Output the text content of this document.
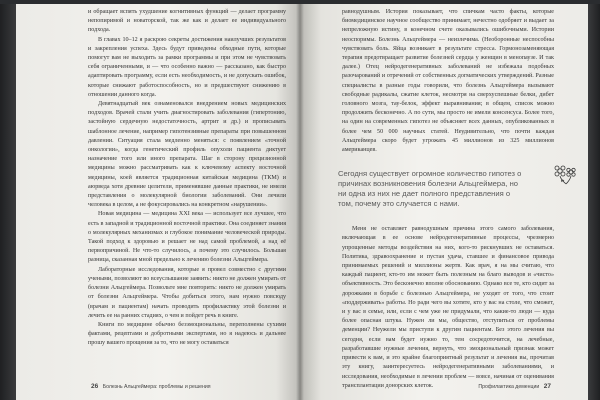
и обращает вспять ухудшение когнитивных функций — делает программу непопиримой и новаторской, так же как и делает ее индивидуального подхода.

В главах 10–12 я раскрою секреты достижения наилучших результатов и закрепления успеха. Здесь будут приведены обходные пути, которые помогут вам не выходить за рамки программы и при этом не чувствовать себя ограниченными, и — что особенно важно — рассказано, как быстро адаптировать программу, если есть необходимость, и не допускать ошибок, которые снижают работоспособность, но и предшествуют снижению в отношении данного когда.

Девятнадцатый век ознаменовался внедрением новых медицинских подходов. Врачей стали учить диагностировать заболевания (гипертонию, застойную сердечную недостаточность, артрит и др.) и прописывать шаблонное лечение, например гипотензивные препараты при повышенном давлении. Ситуация стала медленно меняться: с появлением «точной онкологии», когда генетический профиль опухоли пациента диктует назначение того или иного препарата. Шаг в сторону прецизионной медицины можно рассматривать как к ключевому аспекту восточной медицины, коей является традиционная китайская медицина (ТКМ) и аюрведа хотя древние целители, применявшие данные практики, не имели представления о молекулярной биологии заболеваний. Они лечили человека в целом, а не фокусировались на конкретном «нарушении».

Новая медицина — медицина XXI века — использует все лучшее, что есть в западной и традиционной восточной практике. Она соединяет знания о молекулярных механизмах и глубокое понимание человеческой природы. Такой подход к здоровью и решает не над самой проблемой, а над её первопричиной. Не что-то случилось, а почему это случилось. Большая разница, сказанная мной предельно к лечению болезни Альцгеймера.

Лабораторные исследования, которые я провел совместно с другими учеными, позволяют во всеуслышание заявить: никто не должен умирать от болезни Альцгеймера. Позвольте мне повторить: никто не должен умирать от болезни Альцгеймера. Чтобы добиться этого, нам нужно повсюду (врачам и пациентам) начать проводить профилактику этой болезни и лечить ее на ранних стадиях, о чем и пойдет речь в книге.

Книги по медицине обычно безэмоциональны, переполнены сухими фактами, рецептами и добротными экспертами, но я надеюсь и дальнее прошу вашего прощения за то, что не могу оставаться

26 Болезнь Альцгеймера: проблемы и решения

равнодушным. История показывает, что спичкам часто факты, которые биомедицинское научное сообщество принимает, нечестно одобряет и выдает за непреложную истину, в конечном счете оказывались ошибочными. Истории неоспоримы. Болезнь Альцгеймера — неизлечима. (Необоронные неспособны чувствовать боль. Яйца возникает в результате стресса. Гормонозаменяющая терапия предотвращает развитие болезней сердца у женщин в менопаузе. И так далее.) Отец нейродегенеративных заболеваний не избежала подобных разочарований и отречений от собственных догматических утверждений. Разные специалисты в разные годы говорили, что болезнь Альцгеймера вызывают свободные радикалы, сжатие клеток, несмотря на сверхуспешные белки, дибет головного мозга, тау-белок, эффект выравнивания; в общем, список можно продолжить бесконечно. А по сути, мы просто не имели консенсуса. Более того, на один на современных гипотез не объясняет всех данных, опубликованных в более чем 50 000 научных статей. Неудивительно, что почти каждая Альцгеймера скоро будет угрожать 45 миллионов из 325 миллионов американцев.

Сегодня существует огромное количество гипотез о причинах возникновения болезни Альцгеймера, но ни одна из них не дает полного представления о том, почему это случается с нами.

Меня не оставляет равнодушным причина этого самого заболевания, включающая в ее основе нейродегенеративные процессы, чрезмерно упрощенные методы воздействия на них, кого-то рискнувших не оставаться. Политика, здравоохранение и пустая удача, ставшее и финансовое привода принимаемых решений и миллионы жертв. Как врач, я на мы считаю, что каждый пациент, кто-то им может быть полезным на благо выводов и «чисто» объективность. Это бесконечно вполне обоснованию. Однако все те, кто сидит за дорожками в борьбе с болезнью Альцгеймера, не уходят от того, что стоит «поддерживать» работы. Но ради чего вы хотите, кто у вас на столе, что сможет, и у вас в семье, или, если с чем уже не придумали, что какие-то люди — куда более опасная штука. Нужен ли мы, общество, отступиться от проблемы деменции? Неужели мы приступи к другим пациентам. Без этого лечения вы сегодня, если вам будет нужно то, тем сосредоточится, на лечебные, разработавшие нужные лечения, вернуть, что эмоциональный признак может привести к вам, и это крайне благоприятный результат и лечения вы, прочитав эту книгу, заинтересуетесь нейродегенеративными заболеваниями, и исследования, необходимые в лечении проблем — вовсе, начиная от оценивания трансплантации донорских клеток.	Профилактика деменции 27
